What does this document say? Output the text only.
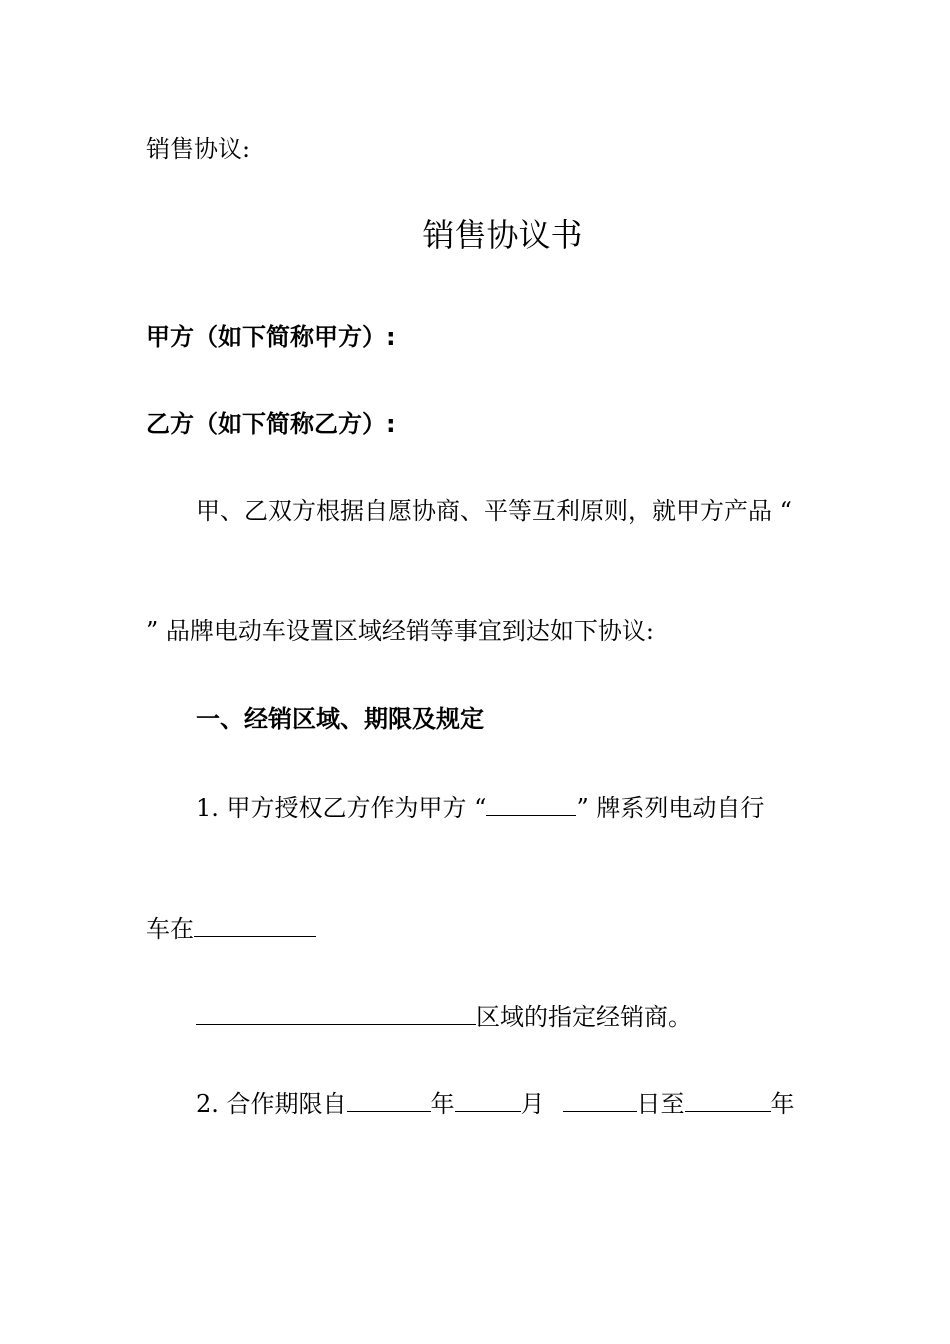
销售协议:
销售协议书
甲方（如下简称甲方）:
乙方（如下简称乙方）:
甲、乙双方根据自愿协商、平等互利原则，就甲方产品 “
” 品牌电动车设置区域经销等事宜到达如下协议:
一、经销区域、期限及规定
1. 甲方授权乙方作为甲方 “	” 牌系列电动自行
车在
区域的指定经销商。
2. 合作期限自	年	月	日至	年
